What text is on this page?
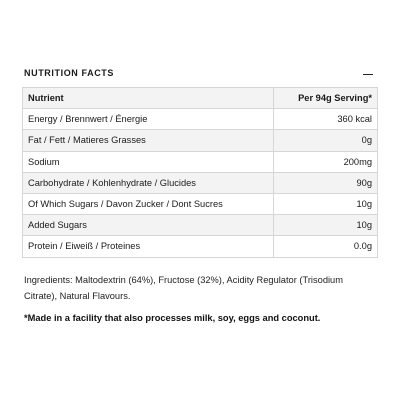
NUTRITION FACTS
Nutrient	Per 94g Serving*
Energy / Brennwert / Énergie	360 kcal
Fat / Fett / Matieres Grasses	0g
Sodium	200mg
Carbohydrate / Kohlenhydrate / Glucides	90g
Of Which Sugars / Davon Zucker / Dont Sucres	10g
Added Sugars	10g
Protein / Eiweiß / Proteines	0.0g

Ingredients: Maltodextrin (64%), Fructose (32%), Acidity Regulator (Trisodium Citrate), Natural Flavours.

*Made in a facility that also processes milk, soy, eggs and coconut.
